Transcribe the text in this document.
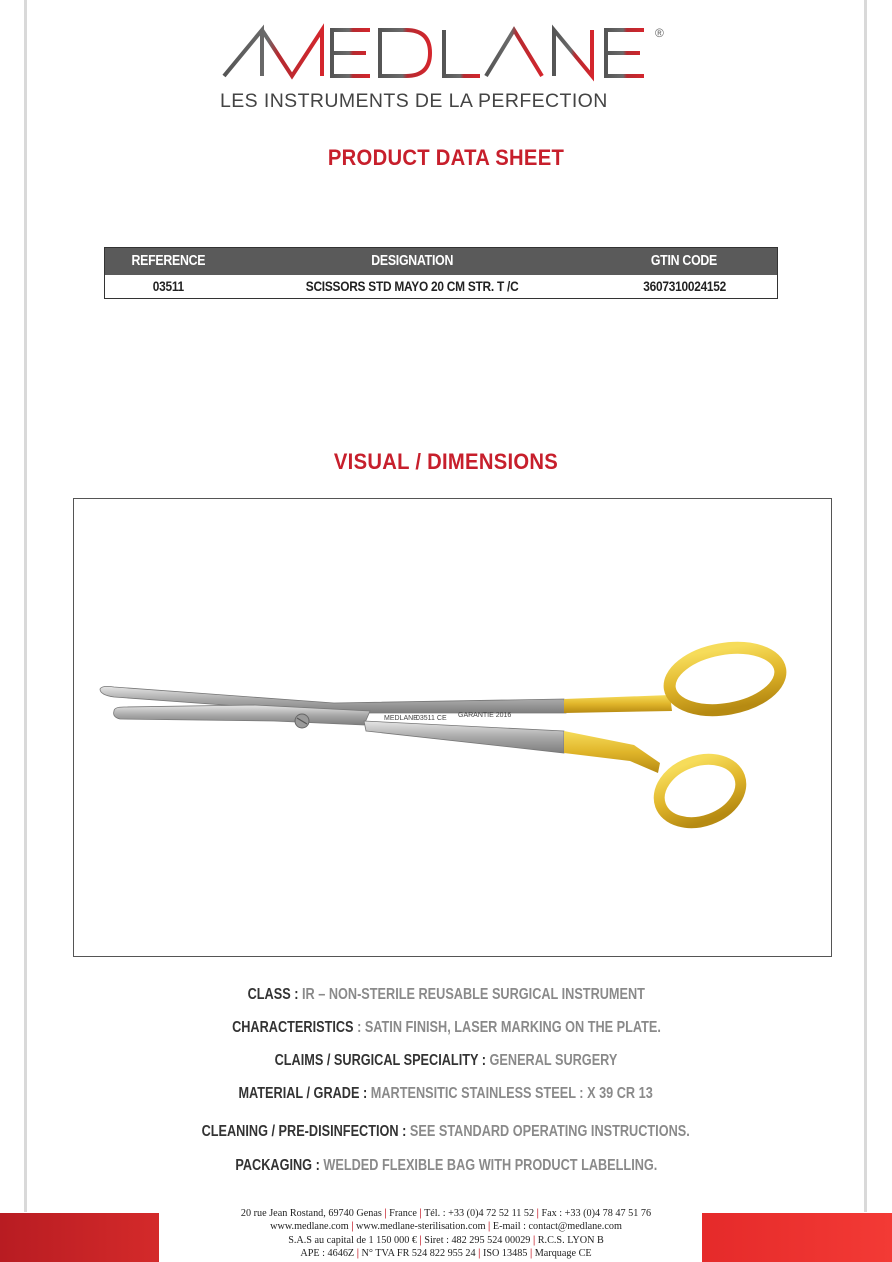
®
LES INSTRUMENTS DE LA PERFECTION
PRODUCT DATA SHEET
REFERENCE	DESIGNATION	GTIN CODE
03511	SCISSORS STD MAYO 20 CM STR. T /C	3607310024152
VISUAL / DIMENSIONS
MEDLANE
03511 CE GARANTIE 2016
CLASS : IR – NON-STERILE REUSABLE SURGICAL INSTRUMENT
CHARACTERISTICS : SATIN FINISH, LASER MARKING ON THE PLATE.
CLAIMS / SURGICAL SPECIALITY : GENERAL SURGERY
MATERIAL / GRADE : MARTENSITIC STAINLESS STEEL : X 39 CR 13
CLEANING / PRE-DISINFECTION : SEE STANDARD OPERATING INSTRUCTIONS.
PACKAGING : WELDED FLEXIBLE BAG WITH PRODUCT LABELLING.
20 rue Jean Rostand, 69740 Genas | France | Tél. : +33 (0)4 72 52 11 52 | Fax : +33 (0)4 78 47 51 76
www.medlane.com | www.medlane-sterilisation.com | E-mail : contact@medlane.com
S.A.S au capital de 1 150 000 € | Siret : 482 295 524 00029 | R.C.S. LYON B
APE : 4646Z | N° TVA FR 524 822 955 24 | ISO 13485 | Marquage CE
